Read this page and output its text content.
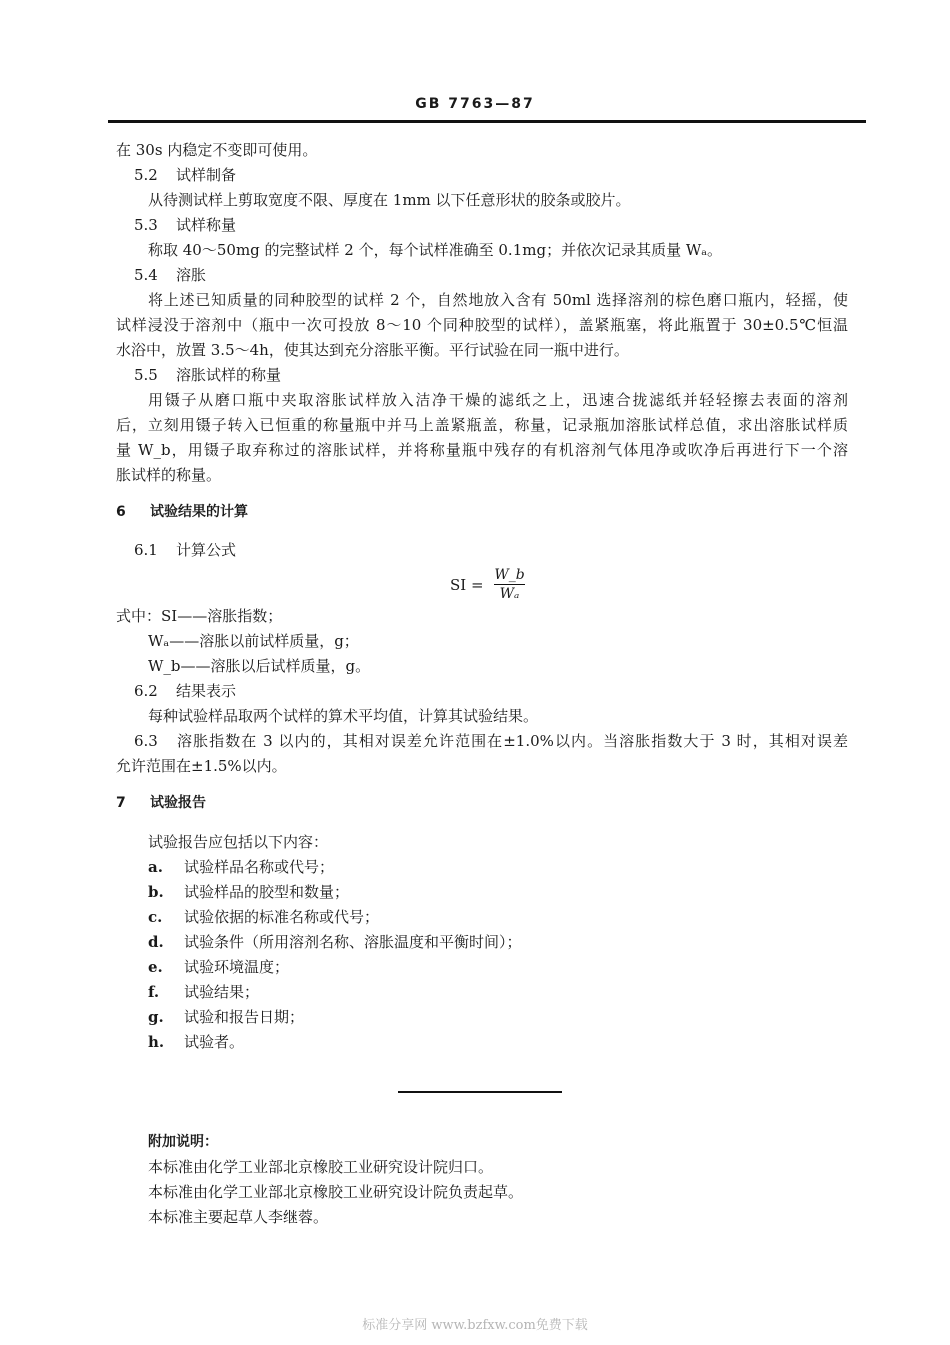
GB 7763—87
在 30s 内稳定不变即可使用。
5.2 试样制备
从待测试样上剪取宽度不限、厚度在 1mm 以下任意形状的胶条或胶片。
5.3 试样称量
称取 40～50mg 的完整试样 2 个，每个试样准确至 0.1mg；并依次记录其质量 Wₐ。
5.4 溶胀
将上述已知质量的同种胶型的试样 2 个，自然地放入含有 50ml 选择溶剂的棕色磨口瓶内，轻摇，使
试样浸没于溶剂中（瓶中一次可投放 8～10 个同种胶型的试样），盖紧瓶塞，将此瓶置于 30±0.5℃恒温
水浴中，放置 3.5～4h，使其达到充分溶胀平衡。平行试验在同一瓶中进行。
5.5 溶胀试样的称量
用镊子从磨口瓶中夹取溶胀试样放入洁净干燥的滤纸之上，迅速合拢滤纸并轻轻擦去表面的溶剂
后，立刻用镊子转入已恒重的称量瓶中并马上盖紧瓶盖，称量，记录瓶加溶胀试样总值，求出溶胀试样质
量 W_b，用镊子取弃称过的溶胀试样，并将称量瓶中残存的有机溶剂气体甩净或吹净后再进行下一个溶
胀试样的称量。
6 试验结果的计算
6.1 计算公式
SI = $\frac{W\_b}{\text{Wₐ}}$
式中：SI——溶胀指数；
Wₐ——溶胀以前试样质量，g；
W_b——溶胀以后试样质量，g。
6.2 结果表示
每种试验样品取两个试样的算术平均值，计算其试验结果。
6.3 溶胀指数在 3 以内的，其相对误差允许范围在±1.0%以内。当溶胀指数大于 3 时，其相对误差
允许范围在±1.5%以内。
7 试验报告
试验报告应包括以下内容：
a. 试验样品名称或代号；
b. 试验样品的胶型和数量；
c. 试验依据的标准名称或代号；
d. 试验条件（所用溶剂名称、溶胀温度和平衡时间）；
e. 试验环境温度；
f. 试验结果；
g. 试验和报告日期；
h. 试验者。
附加说明：
本标准由化学工业部北京橡胶工业研究设计院归口。
本标准由化学工业部北京橡胶工业研究设计院负责起草。
本标准主要起草人李继蓉。
标准分享网 www.bzfxw.com免费下载
